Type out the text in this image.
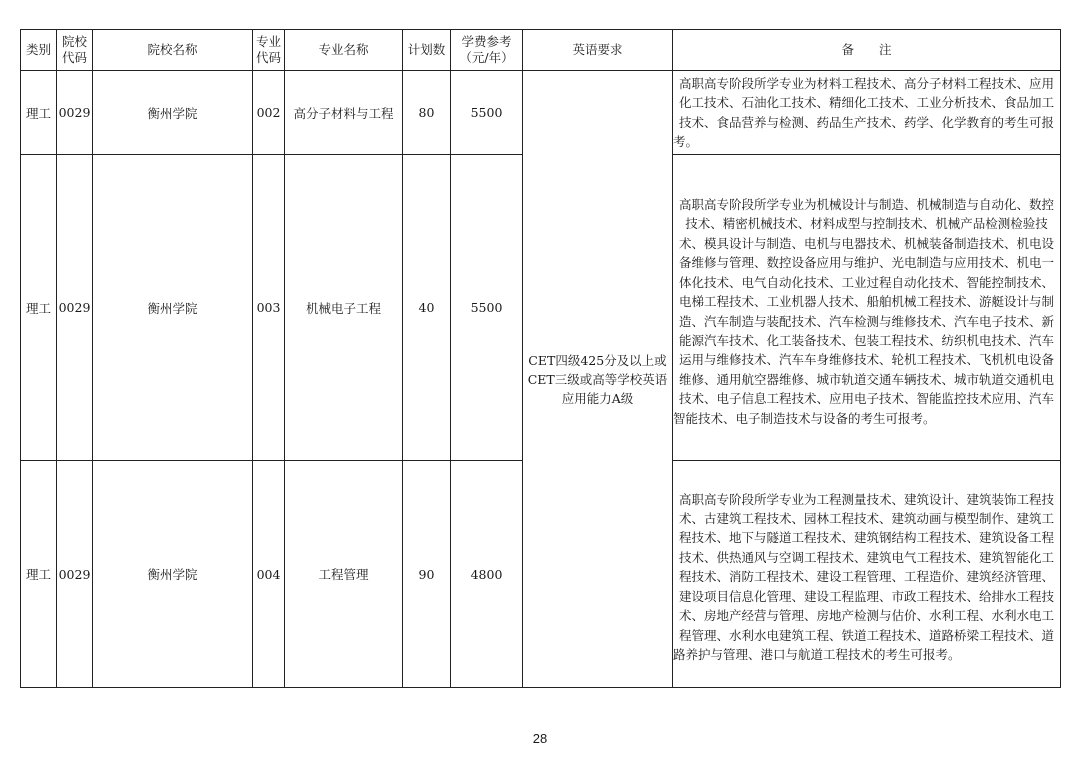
类别	院校代码	院校名称	专业代码	专业名称	计划数	学费参考（元/年）	英语要求	备　　注
理工	0029	衡州学院	002	高分子材料与工程	80	5500	CET四级425分及以上或CET三级或高等学校英语应用能力A级	高职高专阶段所学专业为材料工程技术、高分子材料工程技术、应用化工技术、石油化工技术、精细化工技术、工业分析技术、食品加工技术、食品营养与检测、药品生产技术、药学、化学教育的考生可报考。
理工	0029	衡州学院	003	机械电子工程	40	5500		高职高专阶段所学专业为机械设计与制造、机械制造与自动化、数控技术、精密机械技术、材料成型与控制技术、机械产品检测检验技术、模具设计与制造、电机与电器技术、机械装备制造技术、机电设备维修与管理、数控设备应用与维护、光电制造与应用技术、机电一体化技术、电气自动化技术、工业过程自动化技术、智能控制技术、电梯工程技术、工业机器人技术、船舶机械工程技术、游艇设计与制造、汽车制造与装配技术、汽车检测与维修技术、汽车电子技术、新能源汽车技术、化工装备技术、包装工程技术、纺织机电技术、汽车运用与维修技术、汽车车身维修技术、轮机工程技术、飞机机电设备维修、通用航空器维修、城市轨道交通车辆技术、城市轨道交通机电技术、电子信息工程技术、应用电子技术、智能监控技术应用、汽车智能技术、电子制造技术与设备的考生可报考。
理工	0029	衡州学院	004	工程管理	90	4800		高职高专阶段所学专业为工程测量技术、建筑设计、建筑装饰工程技术、古建筑工程技术、园林工程技术、建筑动画与模型制作、建筑工程技术、地下与隧道工程技术、建筑钢结构工程技术、建筑设备工程技术、供热通风与空调工程技术、建筑电气工程技术、建筑智能化工程技术、消防工程技术、建设工程管理、工程造价、建筑经济管理、建设项目信息化管理、建设工程监理、市政工程技术、给排水工程技术、房地产经营与管理、房地产检测与估价、水利工程、水利水电工程管理、水利水电建筑工程、铁道工程技术、道路桥梁工程技术、道路养护与管理、港口与航道工程技术的考生可报考。
28
